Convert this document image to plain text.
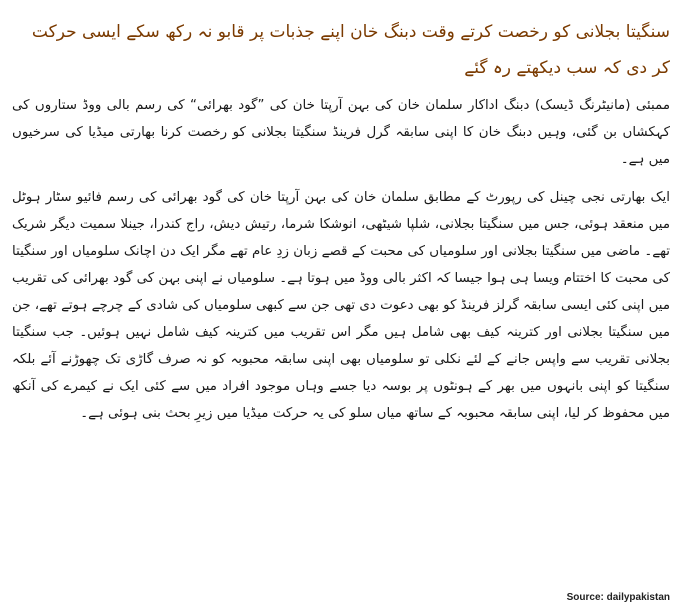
سنگیتا بجلانی کو رخصت کرتے وقت دبنگ خان اپنے جذبات پر قابو نہ رکھ سکے ایسی حرکت کر دی کہ سب دیکھتے رہ گئے

ممبئی (مانیٹرنگ ڈیسک) دبنگ اداکار سلمان خان کی بہن آرپتا خان کی ”گود بھرائی“ کی رسم بالی ووڈ ستاروں کی کہکشاں بن گئی، وہیں دبنگ خان کا اپنی سابقہ گرل فرینڈ سنگیتا بجلانی کو رخصت کرنا بھارتی میڈیا کی سرخیوں میں ہے۔

ایک بھارتی نجی چینل کی رپورٹ کے مطابق سلمان خان کی بہن آرپتا خان کی گود بھرائی کی رسم فائیو سٹار ہوٹل میں منعقد ہوئی، جس میں سنگیتا بجلانی، شلپا شیٹھی، انوشکا شرما، رتیش دیش، راج کندرا، جینلا سمیت دیگر شریک تھے۔ ماضی میں سنگیتا بجلانی اور سلومیاں کی محبت کے قصے زبان زدِ عام تھے مگر ایک دن اچانک سلومیاں اور سنگیتا کی محبت کا اختتام ویسا ہی ہوا جیسا کہ اکثر بالی ووڈ میں ہوتا ہے۔ سلومیاں نے اپنی بہن کی گود بھرائی کی تقریب میں اپنی کئی ایسی سابقہ گرلز فرینڈ کو بھی دعوت دی تھی جن سے کبھی سلومیاں کی شادی کے چرچے ہوتے تھے، جن میں سنگیتا بجلانی اور کترینہ کیف بھی شامل ہیں مگر اس تقریب میں کترینہ کیف شامل نہیں ہوئیں۔ جب سنگیتا بجلانی تقریب سے واپس جانے کے لئے نکلی تو سلومیاں بھی اپنی سابقہ محبوبہ کو نہ صرف گاڑی تک چھوڑنے آئے بلکہ سنگیتا کو اپنی بانہوں میں بھر کے ہونٹوں پر بوسہ دیا جسے وہاں موجود افراد میں سے کئی ایک نے کیمرے کی آنکھ میں محفوظ کر لیا، اپنی سابقہ محبوبہ کے ساتھ میاں سلو کی یہ حرکت میڈیا میں زیرِ بحث بنی ہوئی ہے۔

Source: dailypakistan
